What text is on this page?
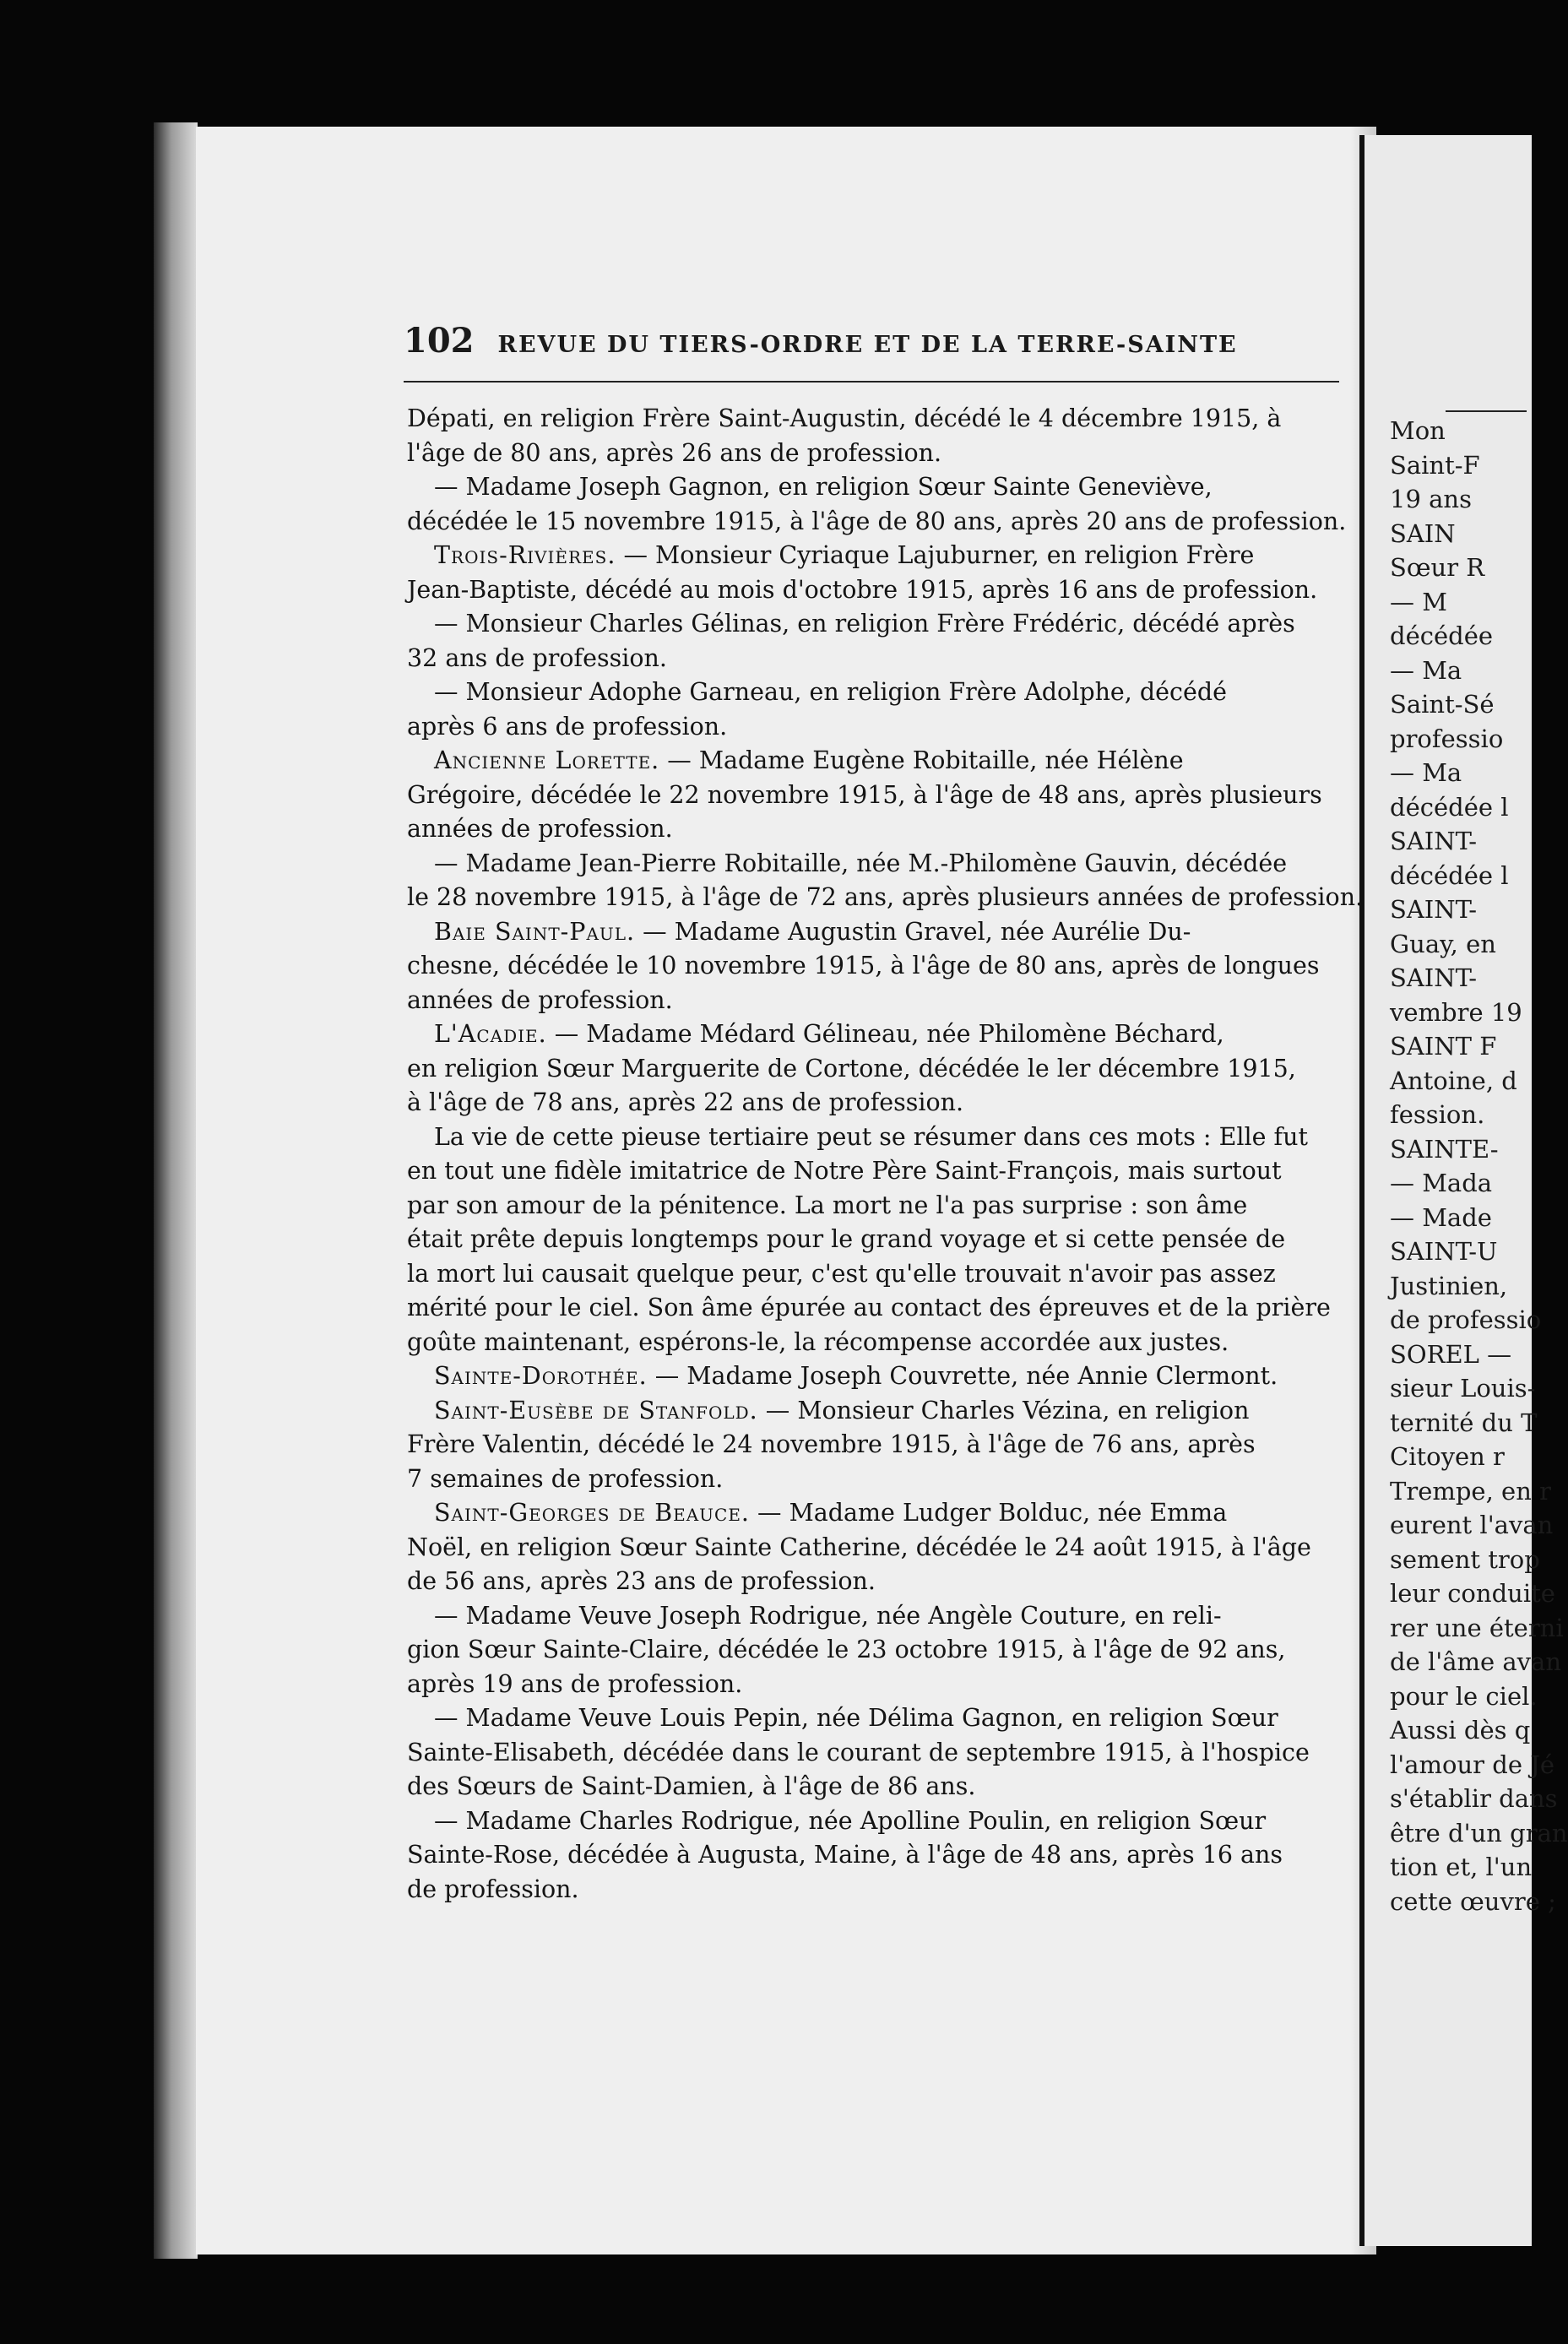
Mon
Saint-F
19 ans
SAIN
Sœur R
— M
décédée
— Ma
Saint-Sé
professio
— Ma
décédée l
SAINT-
décédée l
SAINT-
Guay, en
SAINT-
vembre 19
SAINT F
Antoine, d
fession.
SAINTE-
— Mada
— Made
SAINT-U
Justinien,
de professio
SOREL —
sieur Louis-
ternité du T
Citoyen r
Trempe, en r
eurent l'avan
sement trop
leur conduite
rer une éterni
de l'âme avan
pour le ciel.
Aussi dès q
l'amour de Jé
s'établir dans
être d'un gran
tion et, l'un
cette œuvre ;
102 REVUE DU TIERS-ORDRE ET DE LA TERRE-SAINTE
Dépati, en religion Frère Saint-Augustin, décédé le 4 décembre 1915, à
l'âge de 80 ans, après 26 ans de profession.
— Madame Joseph Gagnon, en religion Sœur Sainte Geneviève,
décédée le 15 novembre 1915, à l'âge de 80 ans, après 20 ans de profession.
Trois-Rivières. — Monsieur Cyriaque Lajuburner, en religion Frère
Jean-Baptiste, décédé au mois d'octobre 1915, après 16 ans de profession.
— Monsieur Charles Gélinas, en religion Frère Frédéric, décédé après
32 ans de profession.
— Monsieur Adophe Garneau, en religion Frère Adolphe, décédé
après 6 ans de profession.
Ancienne Lorette. — Madame Eugène Robitaille, née Hélène
Grégoire, décédée le 22 novembre 1915, à l'âge de 48 ans, après plusieurs
années de profession.
— Madame Jean-Pierre Robitaille, née M.-Philomène Gauvin, décédée
le 28 novembre 1915, à l'âge de 72 ans, après plusieurs années de profession.
Baie Saint-Paul. — Madame Augustin Gravel, née Aurélie Du-
chesne, décédée le 10 novembre 1915, à l'âge de 80 ans, après de longues
années de profession.
L'Acadie. — Madame Médard Gélineau, née Philomène Béchard,
en religion Sœur Marguerite de Cortone, décédée le ler décembre 1915,
à l'âge de 78 ans, après 22 ans de profession.
La vie de cette pieuse tertiaire peut se résumer dans ces mots : Elle fut
en tout une fidèle imitatrice de Notre Père Saint-François, mais surtout
par son amour de la pénitence. La mort ne l'a pas surprise : son âme
était prête depuis longtemps pour le grand voyage et si cette pensée de
la mort lui causait quelque peur, c'est qu'elle trouvait n'avoir pas assez
mérité pour le ciel. Son âme épurée au contact des épreuves et de la prière
goûte maintenant, espérons-le, la récompense accordée aux justes.
Sainte-Dorothée. — Madame Joseph Couvrette, née Annie Clermont.
Saint-Eusèbe de Stanfold. — Monsieur Charles Vézina, en religion
Frère Valentin, décédé le 24 novembre 1915, à l'âge de 76 ans, après
7 semaines de profession.
Saint-Georges de Beauce. — Madame Ludger Bolduc, née Emma
Noël, en religion Sœur Sainte Catherine, décédée le 24 août 1915, à l'âge
de 56 ans, après 23 ans de profession.
— Madame Veuve Joseph Rodrigue, née Angèle Couture, en reli-
gion Sœur Sainte-Claire, décédée le 23 octobre 1915, à l'âge de 92 ans,
après 19 ans de profession.
— Madame Veuve Louis Pepin, née Délima Gagnon, en religion Sœur
Sainte-Elisabeth, décédée dans le courant de septembre 1915, à l'hospice
des Sœurs de Saint-Damien, à l'âge de 86 ans.
— Madame Charles Rodrigue, née Apolline Poulin, en religion Sœur
Sainte-Rose, décédée à Augusta, Maine, à l'âge de 48 ans, après 16 ans
de profession.
